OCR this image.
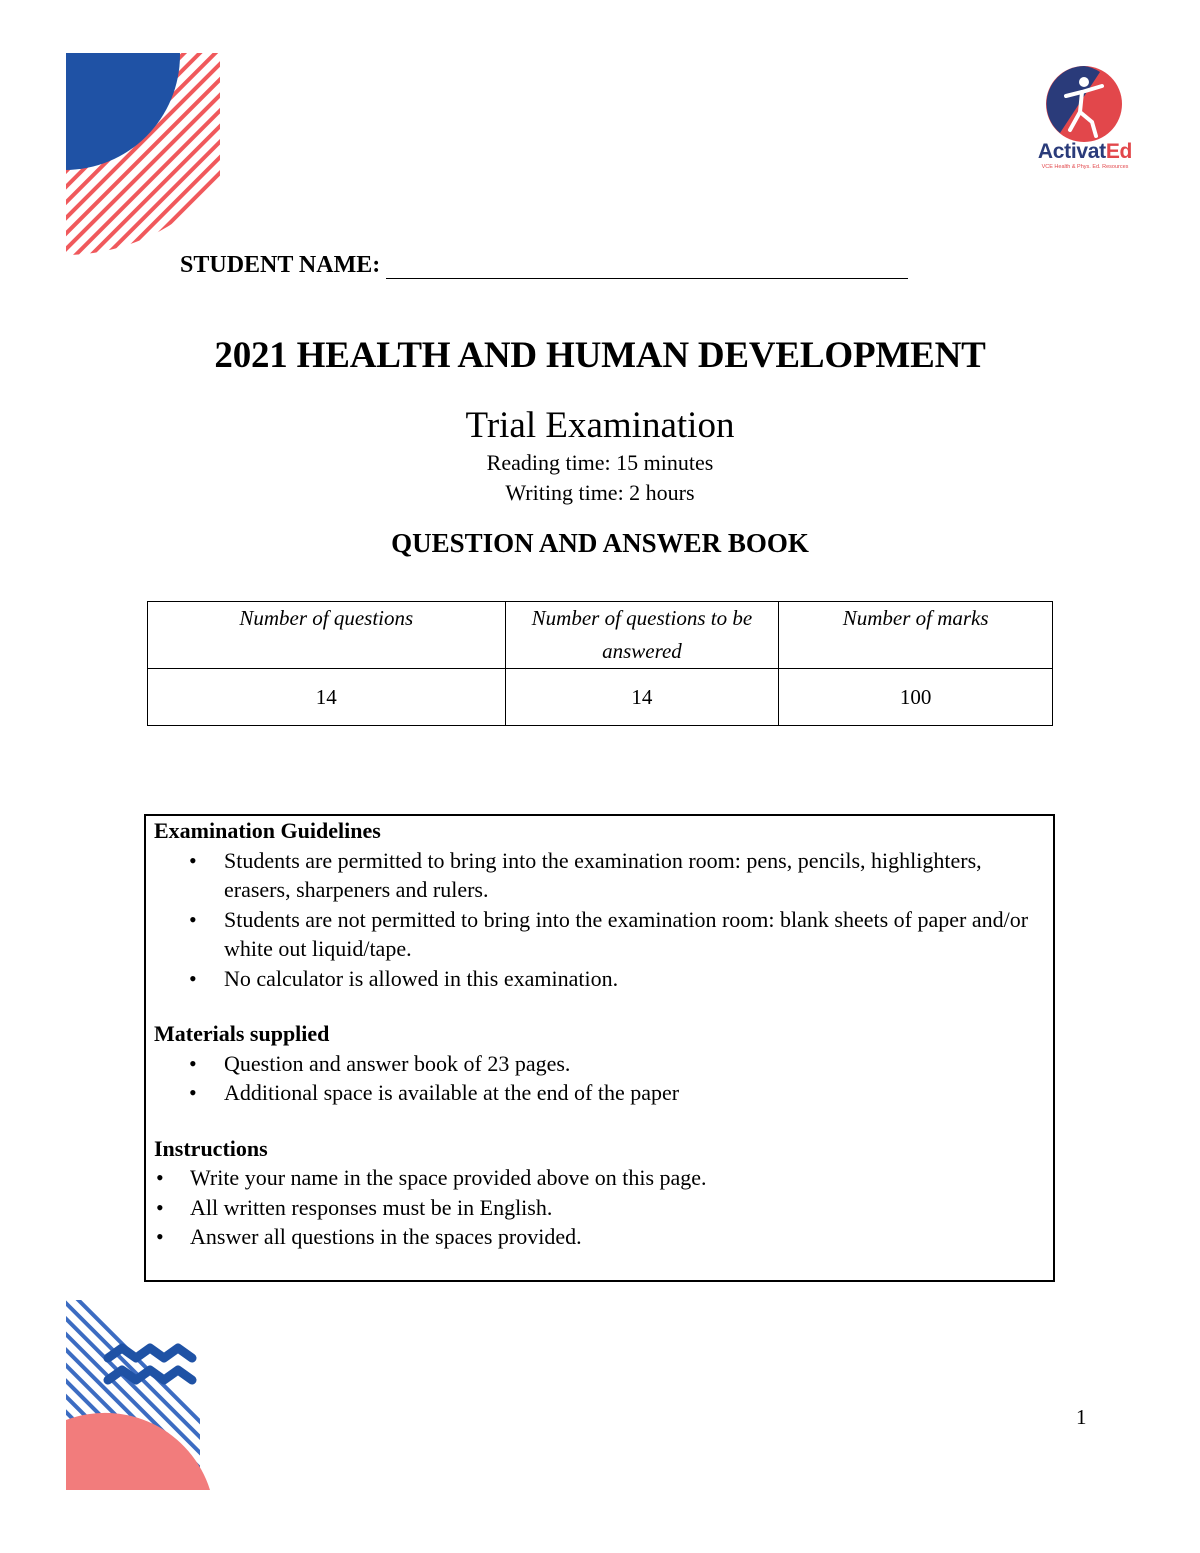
ActivatEd
VCE Health & Phys. Ed. Resources
STUDENT NAME:
2021 HEALTH AND HUMAN DEVELOPMENT
Trial Examination
Reading time: 15 minutes
Writing time: 2 hours
QUESTION AND ANSWER BOOK
Number of questions	Number of questions to be answered	Number of marks
14	14	100
Examination Guidelines
• Students are permitted to bring into the examination room: pens, pencils, highlighters, erasers, sharpeners and rulers.
• Students are not permitted to bring into the examination room: blank sheets of paper and/or white out liquid/tape.
• No calculator is allowed in this examination.
Materials supplied
• Question and answer book of 23 pages.
• Additional space is available at the end of the paper
Instructions
• Write your name in the space provided above on this page.
• All written responses must be in English.
• Answer all questions in the spaces provided.
1
